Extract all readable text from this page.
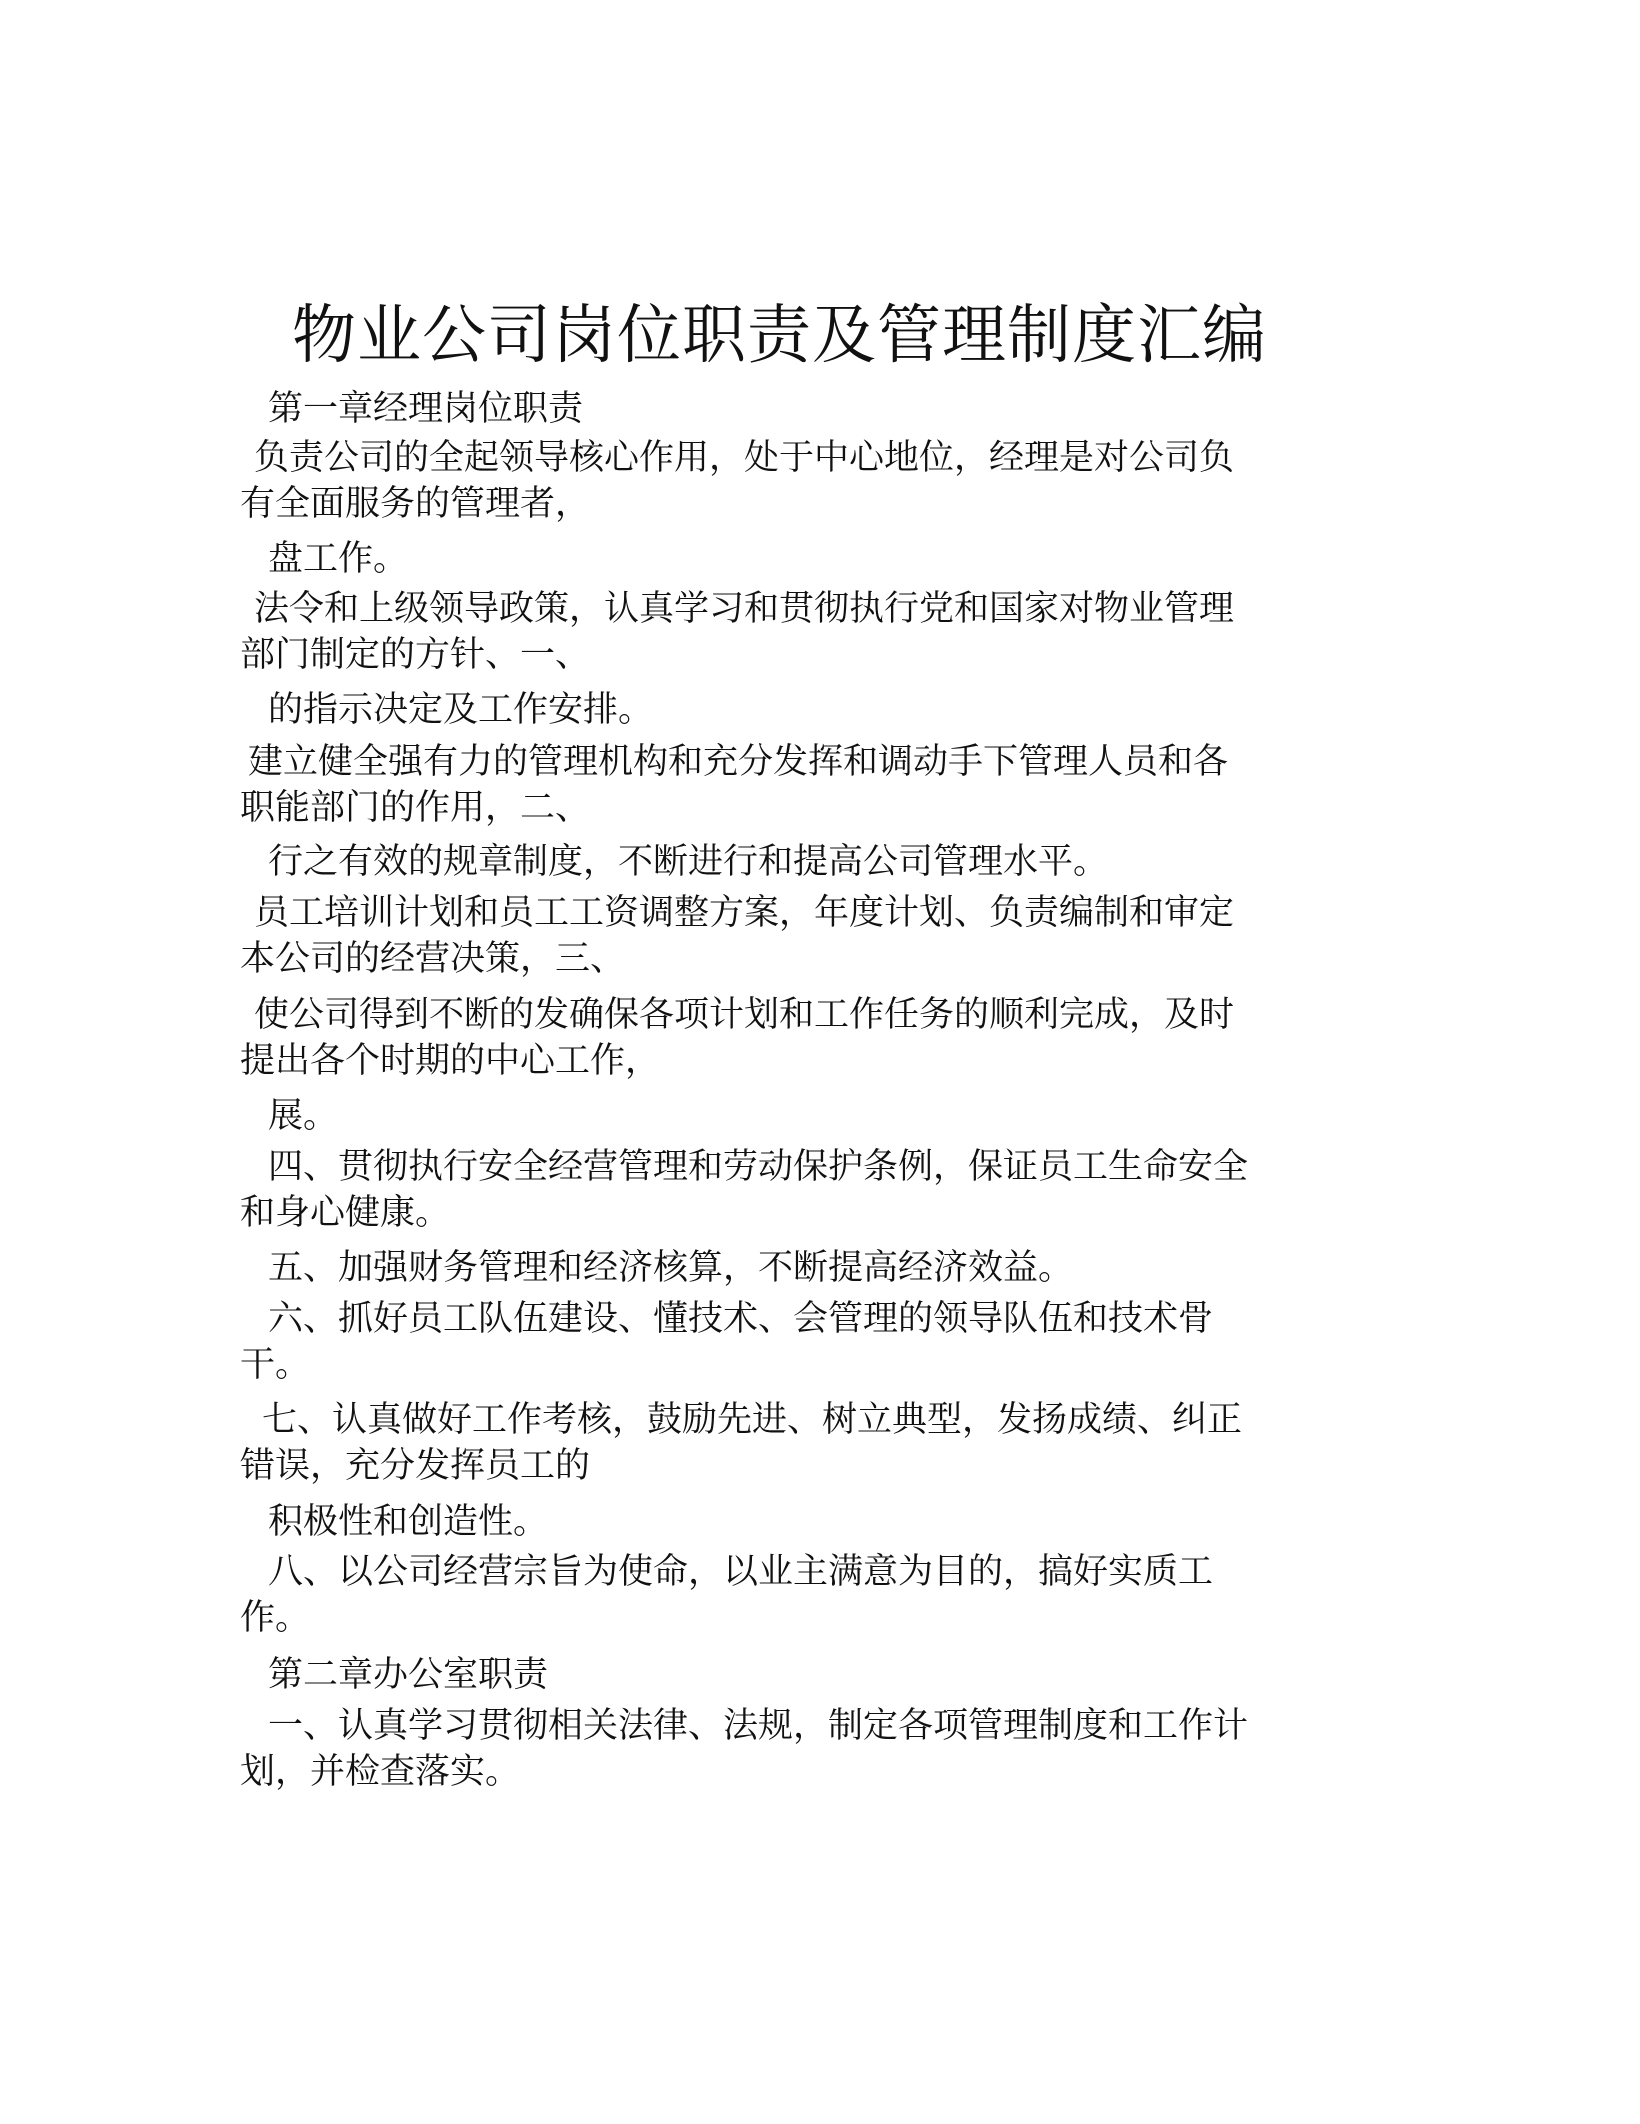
物业公司岗位职责及管理制度汇编
第一章经理岗位职责
负责公司的全起领导核心作用，处于中心地位，经理是对公司负
有全面服务的管理者，
盘工作。
法令和上级领导政策，认真学习和贯彻执行党和国家对物业管理
部门制定的方针、一、
的指示决定及工作安排。
建立健全强有力的管理机构和充分发挥和调动手下管理人员和各
职能部门的作用，二、
行之有效的规章制度，不断进行和提高公司管理水平。
员工培训计划和员工工资调整方案，年度计划、负责编制和审定
本公司的经营决策，三、
使公司得到不断的发确保各项计划和工作任务的顺利完成，及时
提出各个时期的中心工作，
展。
四、贯彻执行安全经营管理和劳动保护条例，保证员工生命安全
和身心健康。
五、加强财务管理和经济核算，不断提高经济效益。
六、抓好员工队伍建设、懂技术、会管理的领导队伍和技术骨
干。
七、认真做好工作考核，鼓励先进、树立典型，发扬成绩、纠正
错误，充分发挥员工的
积极性和创造性。
八、以公司经营宗旨为使命，以业主满意为目的，搞好实质工
作。
第二章办公室职责
一、认真学习贯彻相关法律、法规，制定各项管理制度和工作计
划，并检查落实。
